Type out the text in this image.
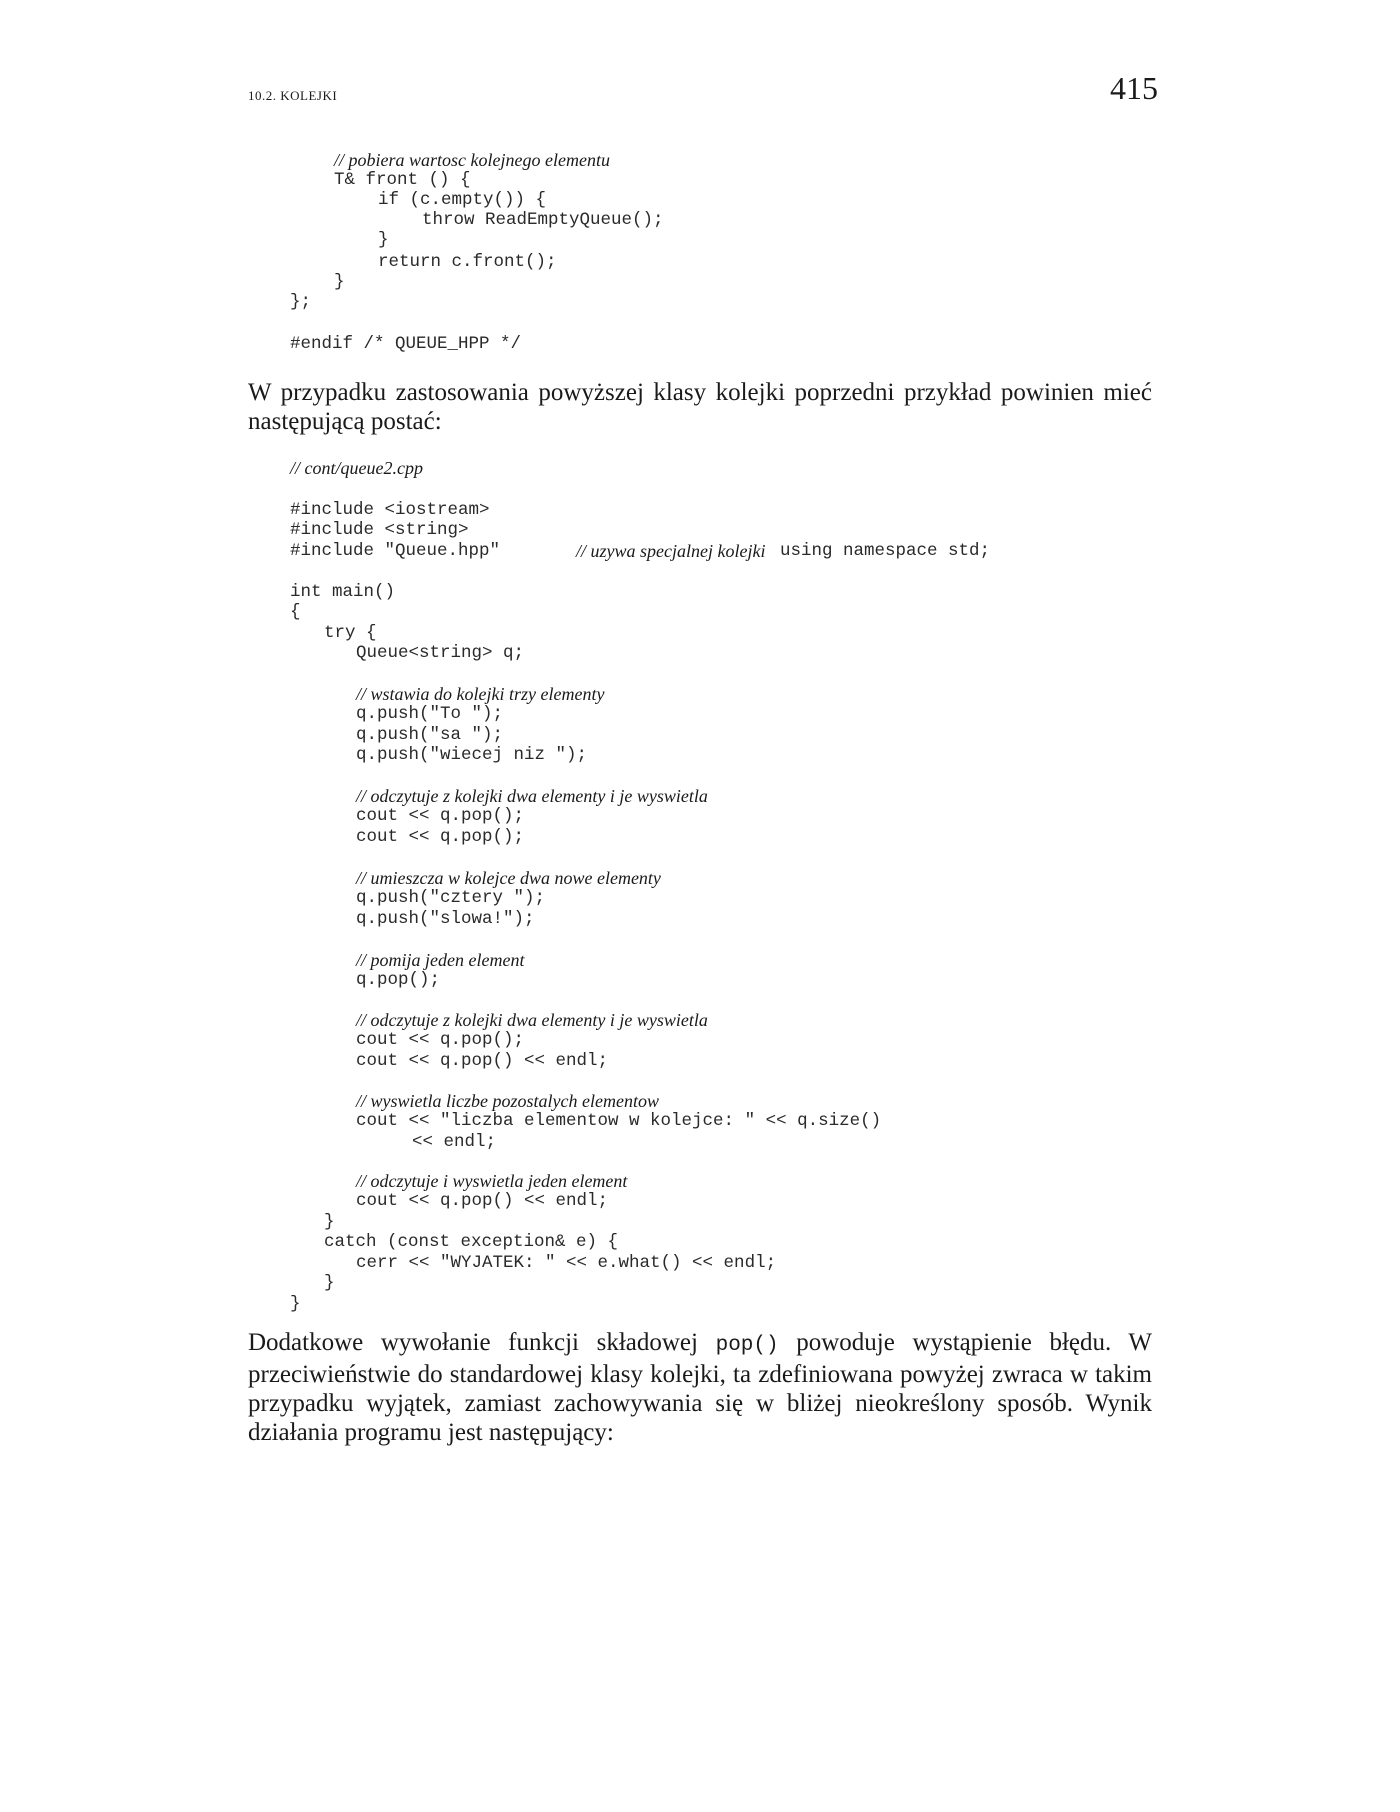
10.2. KOLEJKI	415
// pobiera wartosc kolejnego elementu
T& front () {
if (c.empty()) {
throw ReadEmptyQueue();
}
return c.front();
}
};
#endif /* QUEUE_HPP */
W przypadku zastosowania powyższej klasy kolejki poprzedni przykład powinien mieć następującą postać:
// cont/queue2.cpp
#include <iostream>
#include <string>
#include "Queue.hpp"	// uzywa specjalnej kolejki using namespace std;
int main()
{
try {
Queue<string> q;
// wstawia do kolejki trzy elementy
q.push("To ");
q.push("sa ");
q.push("wiecej niz ");
// odczytuje z kolejki dwa elementy i je wyswietla
cout << q.pop();
cout << q.pop();
// umieszcza w kolejce dwa nowe elementy
q.push("cztery ");
q.push("slowa!");
// pomija jeden element
q.pop();
// odczytuje z kolejki dwa elementy i je wyswietla
cout << q.pop();
cout << q.pop() << endl;
// wyswietla liczbe pozostalych elementow
cout << "liczba elementow w kolejce: " << q.size()
<< endl;
// odczytuje i wyswietla jeden element
cout << q.pop() << endl;
}
catch (const exception& e) {
cerr << "WYJATEK: " << e.what() << endl;
}
}
Dodatkowe wywołanie funkcji składowej pop() powoduje wystąpienie błędu. W przeciwieństwie do standardowej klasy kolejki, ta zdefiniowana powyżej zwraca w takim przypadku wyjątek, zamiast zachowywania się w bliżej nieokreślony sposób. Wynik działania programu jest następujący:
